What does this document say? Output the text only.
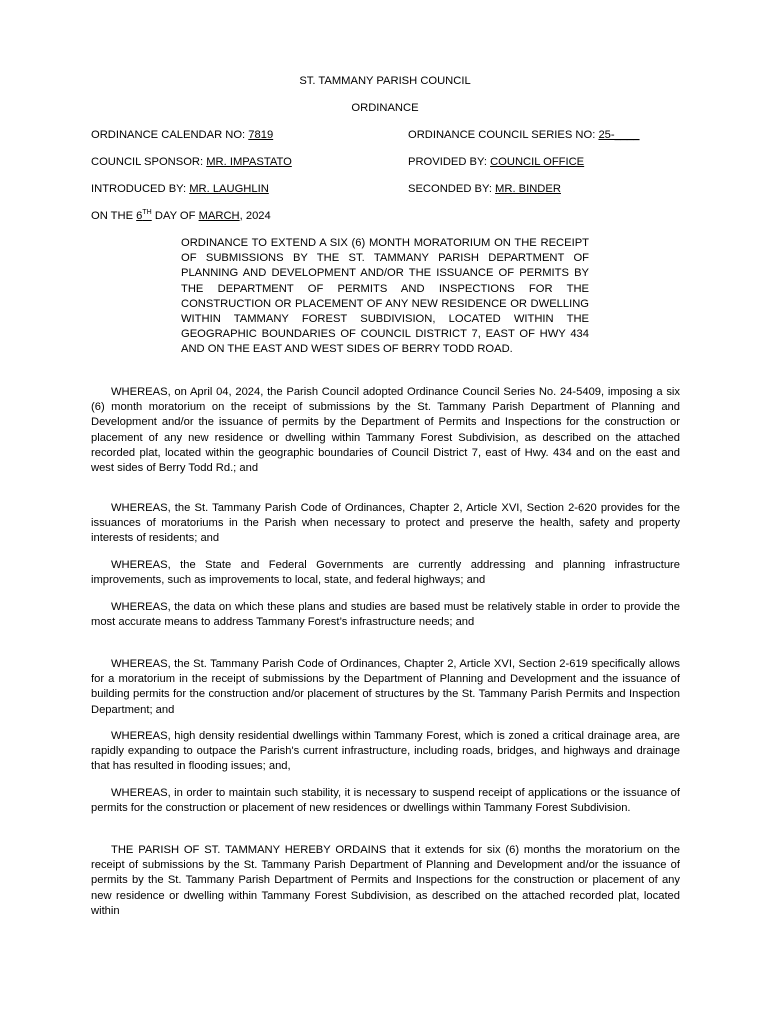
ST. TAMMANY PARISH COUNCIL
ORDINANCE
ORDINANCE CALENDAR NO: 7819	ORDINANCE COUNCIL SERIES NO: 25-____
COUNCIL SPONSOR: MR. IMPASTATO	PROVIDED BY: COUNCIL OFFICE
INTRODUCED BY: MR. LAUGHLIN	SECONDED BY: MR. BINDER
ON THE 6TH DAY OF MARCH, 2024
ORDINANCE TO EXTEND A SIX (6) MONTH MORATORIUM ON THE RECEIPT OF SUBMISSIONS BY THE ST. TAMMANY PARISH DEPARTMENT OF PLANNING AND DEVELOPMENT AND/OR THE ISSUANCE OF PERMITS BY THE DEPARTMENT OF PERMITS AND INSPECTIONS FOR THE CONSTRUCTION OR PLACEMENT OF ANY NEW RESIDENCE OR DWELLING WITHIN TAMMANY FOREST SUBDIVISION, LOCATED WITHIN THE GEOGRAPHIC BOUNDARIES OF COUNCIL DISTRICT 7, EAST OF HWY 434 AND ON THE EAST AND WEST SIDES OF BERRY TODD ROAD.
WHEREAS, on April 04, 2024, the Parish Council adopted Ordinance Council Series No. 24-5409, imposing a six (6) month moratorium on the receipt of submissions by the St. Tammany Parish Department of Planning and Development and/or the issuance of permits by the Department of Permits and Inspections for the construction or placement of any new residence or dwelling within Tammany Forest Subdivision, as described on the attached recorded plat, located within the geographic boundaries of Council District 7, east of Hwy. 434 and on the east and west sides of Berry Todd Rd.; and
WHEREAS, the St. Tammany Parish Code of Ordinances, Chapter 2, Article XVI, Section 2-620 provides for the issuances of moratoriums in the Parish when necessary to protect and preserve the health, safety and property interests of residents; and
WHEREAS, the State and Federal Governments are currently addressing and planning infrastructure improvements, such as improvements to local, state, and federal highways; and
WHEREAS, the data on which these plans and studies are based must be relatively stable in order to provide the most accurate means to address Tammany Forest’s infrastructure needs; and
WHEREAS, the St. Tammany Parish Code of Ordinances, Chapter 2, Article XVI, Section 2-619 specifically allows for a moratorium in the receipt of submissions by the Department of Planning and Development and the issuance of building permits for the construction and/or placement of structures by the St. Tammany Parish Permits and Inspection Department; and
WHEREAS, high density residential dwellings within Tammany Forest, which is zoned a critical drainage area, are rapidly expanding to outpace the Parish's current infrastructure, including roads, bridges, and highways and drainage that has resulted in flooding issues; and,
WHEREAS, in order to maintain such stability, it is necessary to suspend receipt of applications or the issuance of permits for the construction or placement of new residences or dwellings within Tammany Forest Subdivision.
THE PARISH OF ST. TAMMANY HEREBY ORDAINS that it extends for six (6) months the moratorium on the receipt of submissions by the St. Tammany Parish Department of Planning and Development and/or the issuance of permits by the St. Tammany Parish Department of Permits and Inspections for the construction or placement of any new residence or dwelling within Tammany Forest Subdivision, as described on the attached recorded plat, located within
